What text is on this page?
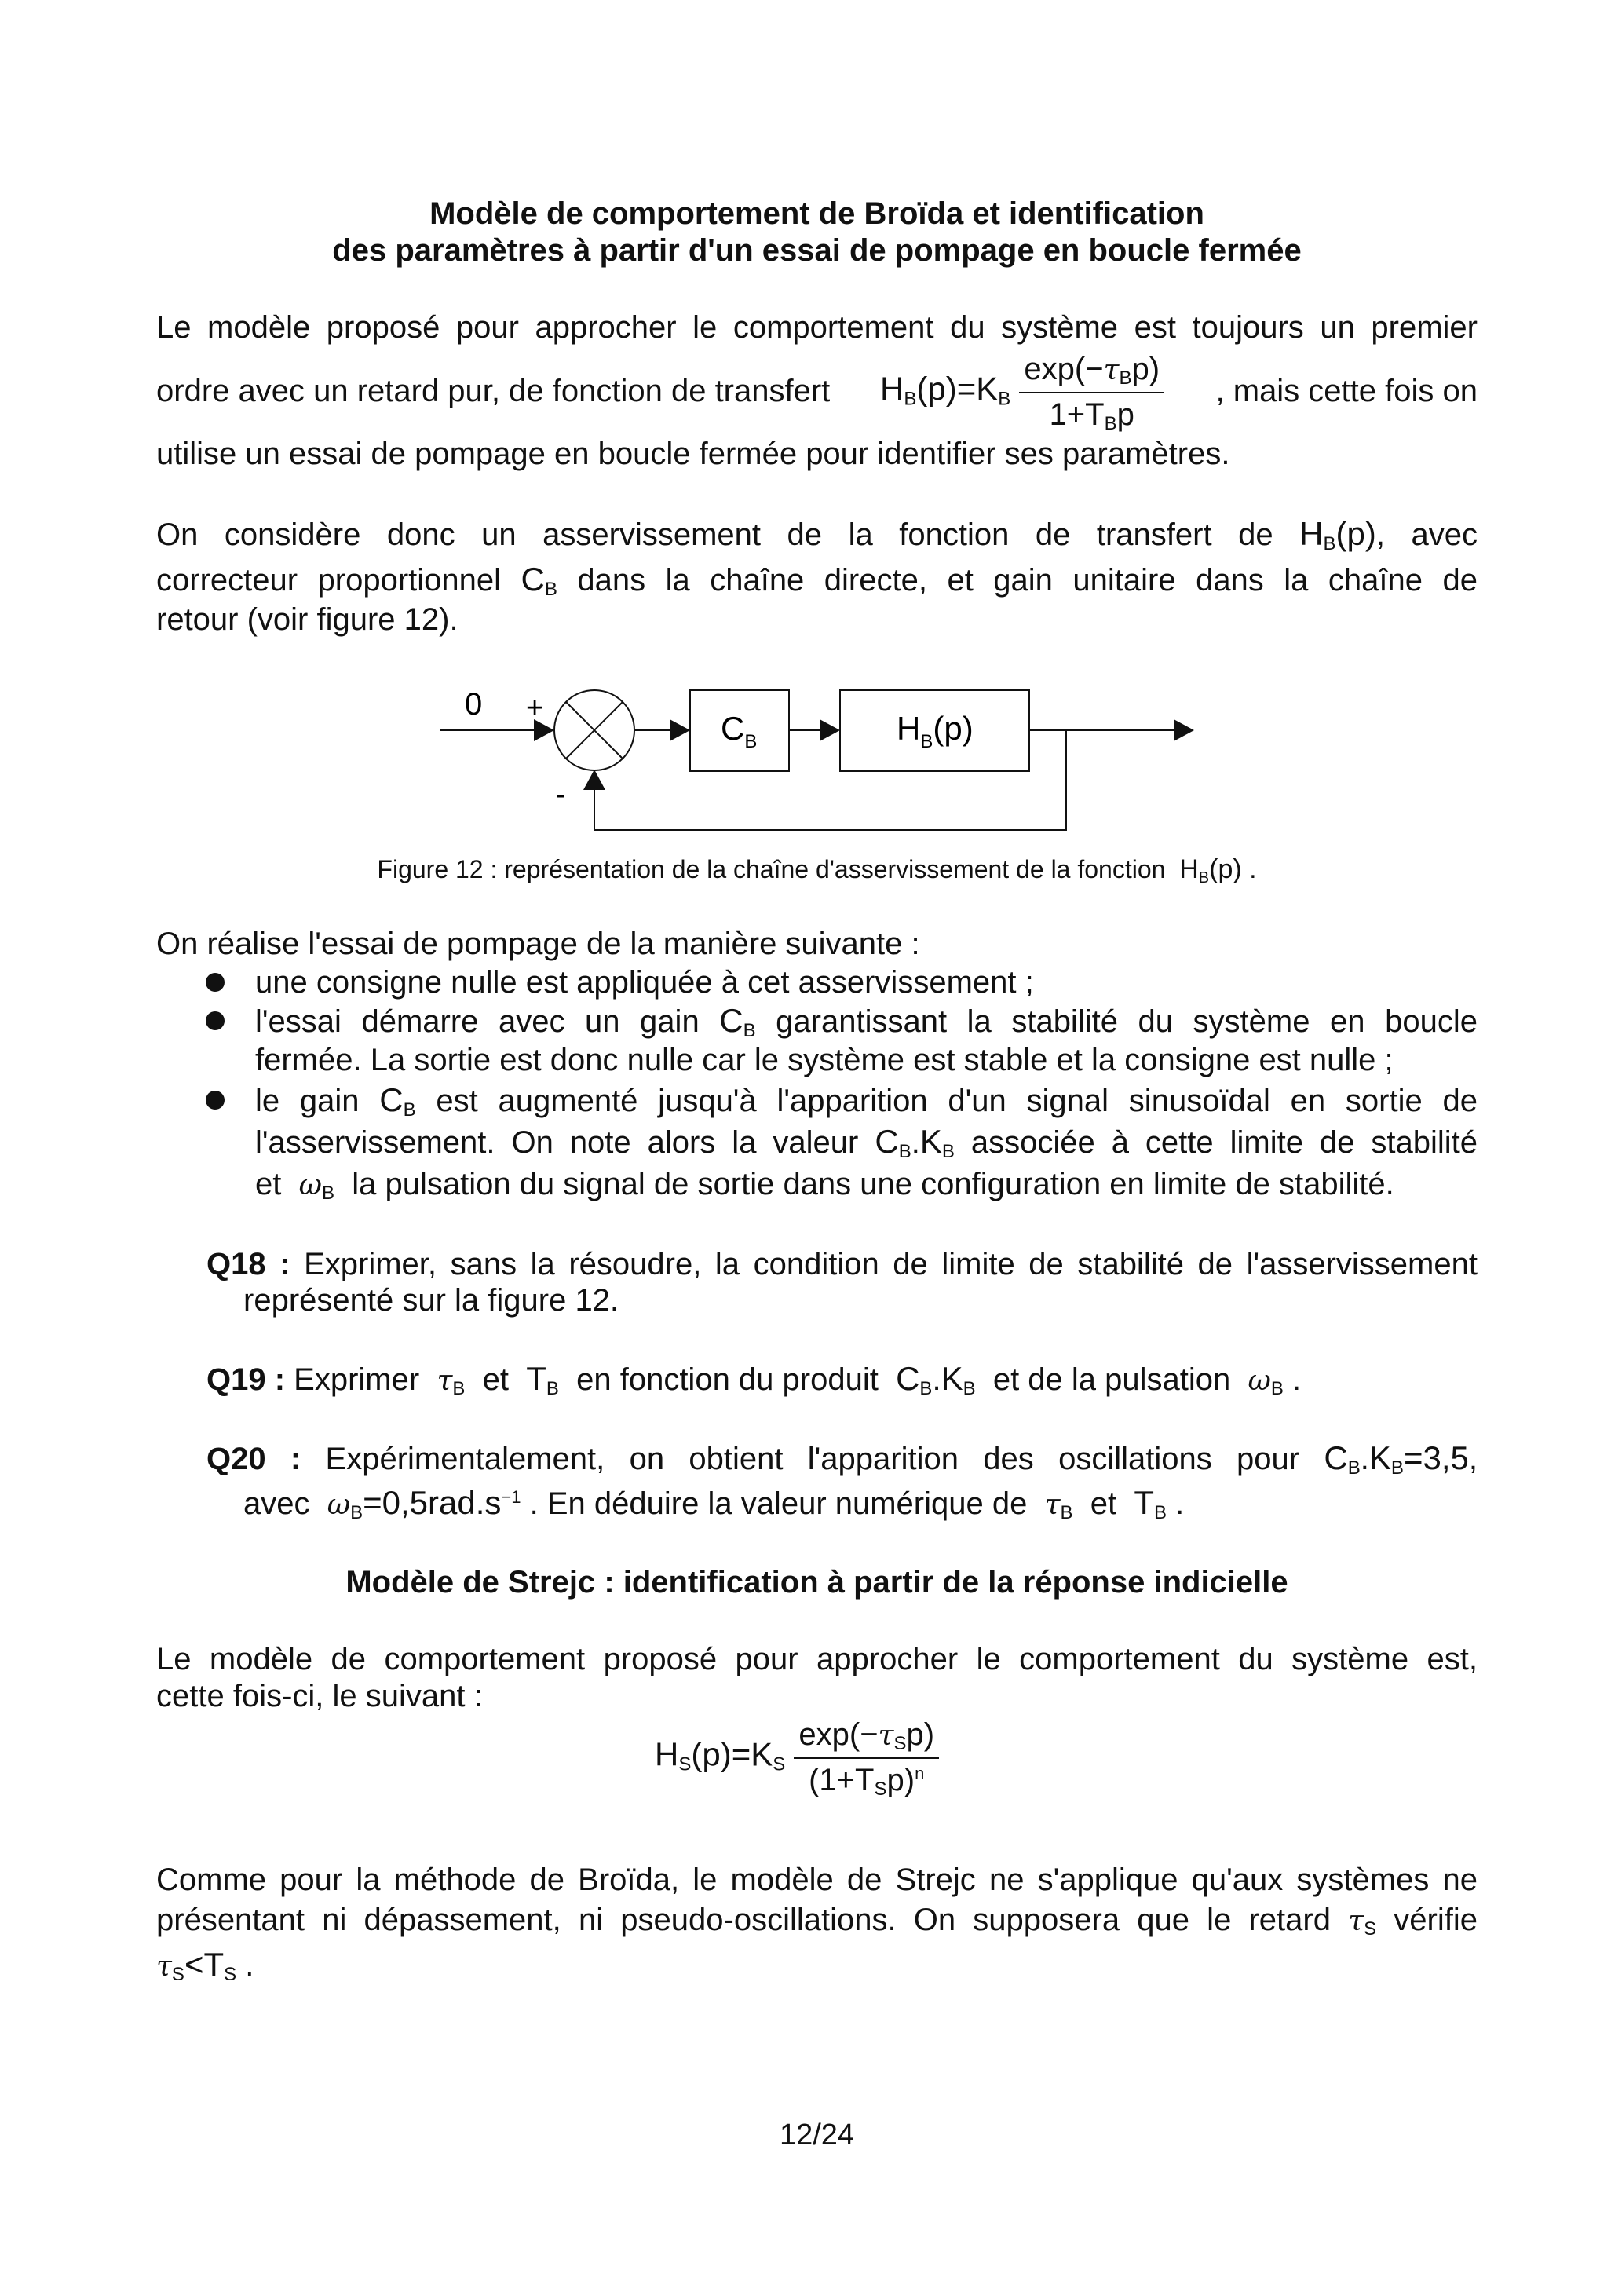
Modèle de comportement de Broïda et identification
des paramètres à partir d'un essai de pompage en boucle fermée
Le modèle proposé pour approcher le comportement du système est toujours un premier
ordre avec un retard pur, de fonction de transfert $H_B(p)=K_B \frac{\exp(-\tau_Bp)}{1+T_Bp}$ , mais cette fois on
utilise un essai de pompage en boucle fermée pour identifier ses paramètres.
On considère donc un asservissement de la fonction de transfert de $H_B(p)$, avec
correcteur proportionnel $C_B$ dans la chaîne directe, et gain unitaire dans la chaîne de
retour (voir figure 12).
0 +
-
$C_B$	$H_B(p)$
Figure 12 : représentation de la chaîne d'asservissement de la fonction $H_B(p)$ .
On réalise l'essai de pompage de la manière suivante :
une consigne nulle est appliquée à cet asservissement ;
l'essai démarre avec un gain $C_B$ garantissant la stabilité du système en boucle
fermée. La sortie est donc nulle car le système est stable et la consigne est nulle ;
le gain $C_B$ est augmenté jusqu'à l'apparition d'un signal sinusoïdal en sortie de
l'asservissement. On note alors la valeur $C_B.K_B$ associée à cette limite de stabilité
et $\omega_B$ la pulsation du signal de sortie dans une configuration en limite de stabilité.
Q18 : Exprimer, sans la résoudre, la condition de limite de stabilité de l'asservissement
représenté sur la figure 12.
Q19 : Exprimer $\tau_B$ et $T_B$ en fonction du produit $C_B.K_B$ et de la pulsation $\omega_B$ .
Q20 : Expérimentalement, on obtient l'apparition des oscillations pour $C_B.K_B=3,5$,
avec $\omega_B=0,5rad.s^{-1}$ . En déduire la valeur numérique de $\tau_B$ et $T_B$ .
Modèle de Strejc : identification à partir de la réponse indicielle
Le modèle de comportement proposé pour approcher le comportement du système est,
cette fois-ci, le suivant :
$H_S(p)=K_S \frac{\exp(-\tau_Sp)}{(1+T_Sp)^n}$
Comme pour la méthode de Broïda, le modèle de Strejc ne s'applique qu'aux systèmes ne
présentant ni dépassement, ni pseudo-oscillations. On supposera que le retard $\tau_S$ vérifie
$\tau_S<T_S$ .
12/24
